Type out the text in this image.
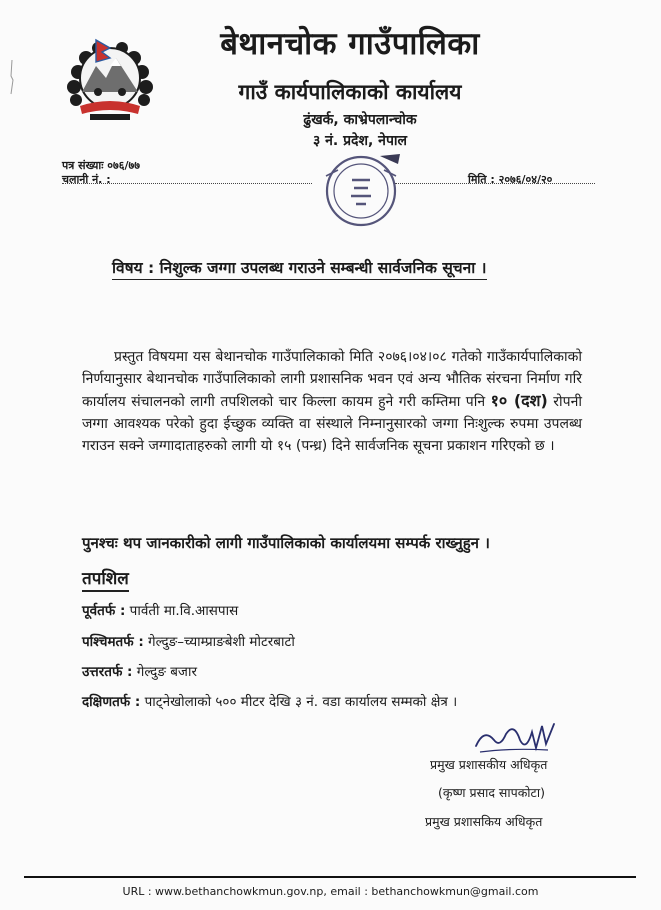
बेथानचोक गाउँपालिका
गाउँ कार्यपालिकाको कार्यालय
ढुंखर्क, काभ्रेपलान्चोक
३ नं. प्रदेश, नेपाल
पत्र संख्याः ०७६/७७
चलानी नं. :	मिति : २०७६/०४/२०
विषय : निशुल्क जग्गा उपलब्ध गराउने सम्बन्धी सार्वजनिक सूचना ।
प्रस्तुत विषयमा यस बेथानचोक गाउँपालिकाको मिति २०७६।०४।०८ गतेको गाउँकार्यपालिकाको निर्णयानुसार बेथानचोक गाउँपालिकाको लागी प्रशासनिक भवन एवं अन्य भौतिक संरचना निर्माण गरि कार्यालय संचालनको लागी तपशिलको चार किल्ला कायम हुने गरी कम्तिमा पनि १० (दश) रोपनी जग्गा आवश्यक परेको हुदा ईच्छुक व्यक्ति वा संस्थाले निम्नानुसारको जग्गा निःशुल्क रुपमा उपलब्ध गराउन सक्ने जग्गादाताहरुको लागी यो १५ (पन्ध्र) दिने सार्वजनिक सूचना प्रकाशन गरिएको छ ।
पुनश्चः थप जानकारीको लागी गाउँपालिकाको कार्यालयमा सम्पर्क राख्नुहुन ।
तपशिल
पूर्वतर्फ : पार्वती मा.वि.आसपास
पश्चिमतर्फ : गेल्दुङ–च्याम्प्राङबेशी मोटरबाटो
उत्तरतर्फ : गेल्दुङ बजार
दक्षिणतर्फ : पाट्नेखोलाको ५०० मीटर देखि ३ नं. वडा कार्यालय सम्मको क्षेत्र ।
प्रमुख प्रशासकीय अधिकृत
(कृष्ण प्रसाद सापकोटा)
प्रमुख प्रशासकिय अधिकृत
URL : www.bethanchowkmun.gov.np, email : bethanchowkmun@gmail.com
